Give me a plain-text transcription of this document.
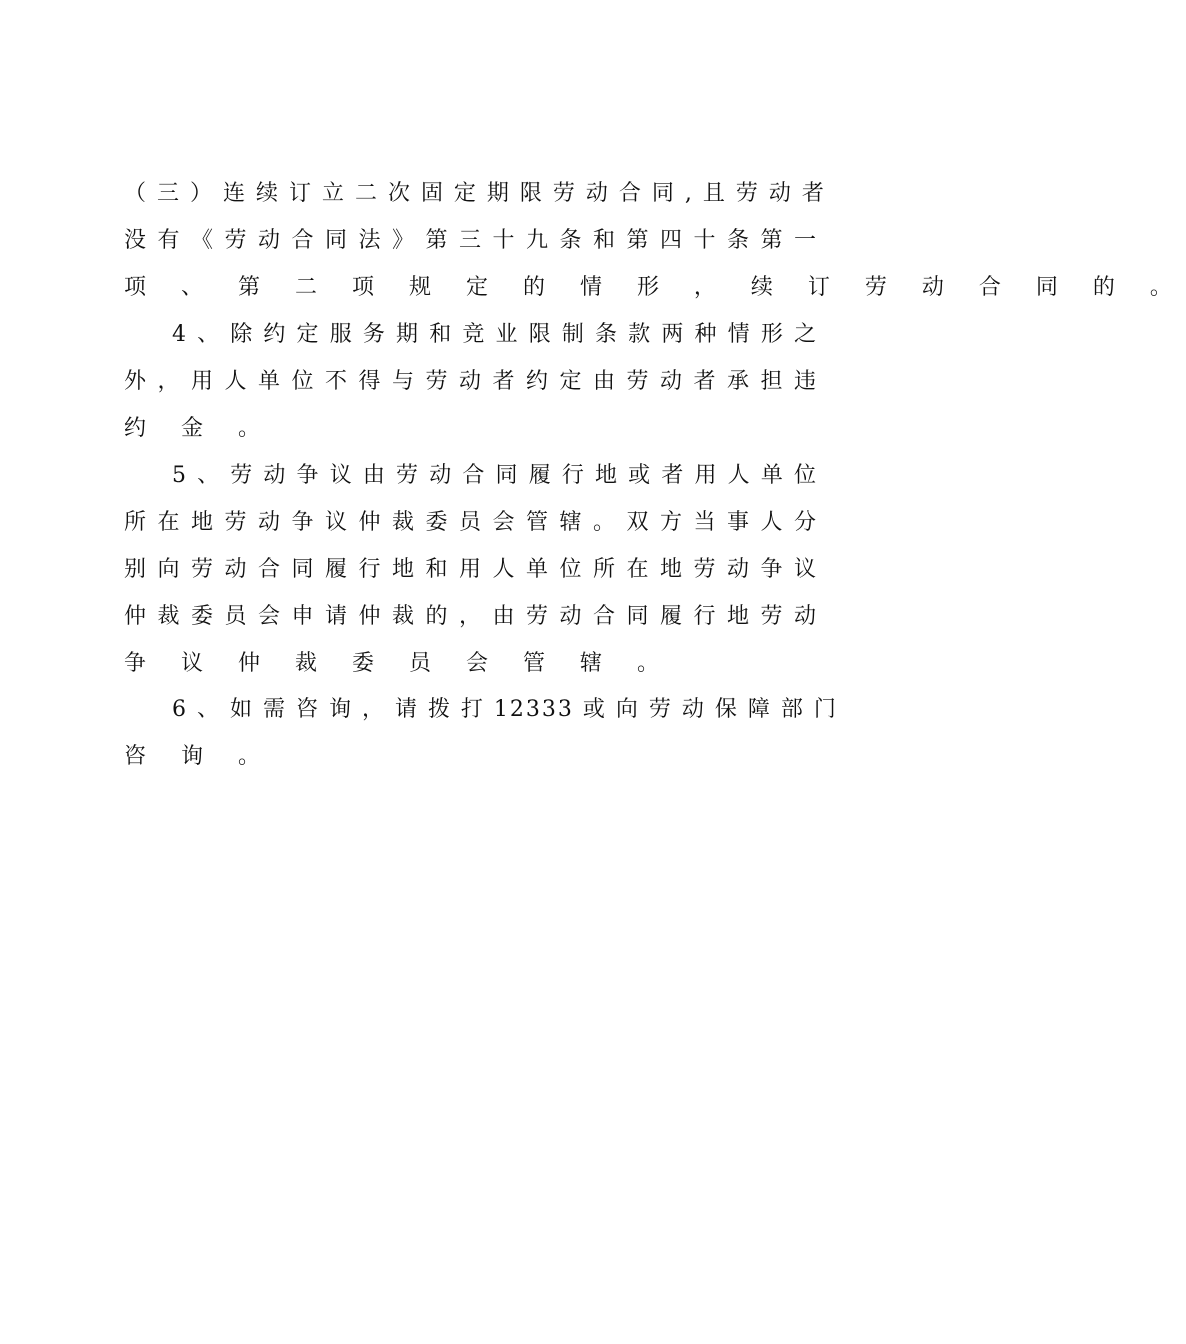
（ 三 ） 连 续 订 立 二 次 固 定 期 限 劳 动 合 同 , 且 劳 动 者
没 有 《 劳 动 合 同 法 》 第 三 十 九 条 和 第 四 十 条 第 一
项 、 第 二 项 规 定 的 情 形 ， 续 订 劳 动 合 同 的 。
4 、 除 约 定 服 务 期 和 竞 业 限 制 条 款 两 种 情 形 之
外 ， 用 人 单 位 不 得 与 劳 动 者 约 定 由 劳 动 者 承 担 违
约 金 。
5 、 劳 动 争 议 由 劳 动 合 同 履 行 地 或 者 用 人 单 位
所 在 地 劳 动 争 议 仲 裁 委 员 会 管 辖 。 双 方 当 事 人 分
别 向 劳 动 合 同 履 行 地 和 用 人 单 位 所 在 地 劳 动 争 议
仲 裁 委 员 会 申 请 仲 裁 的 ， 由 劳 动 合 同 履 行 地 劳 动
争 议 仲 裁 委 员 会 管 辖 。
6 、 如 需 咨 询 ， 请 拨 打 12333 或 向 劳 动 保 障 部 门
咨 询 。
